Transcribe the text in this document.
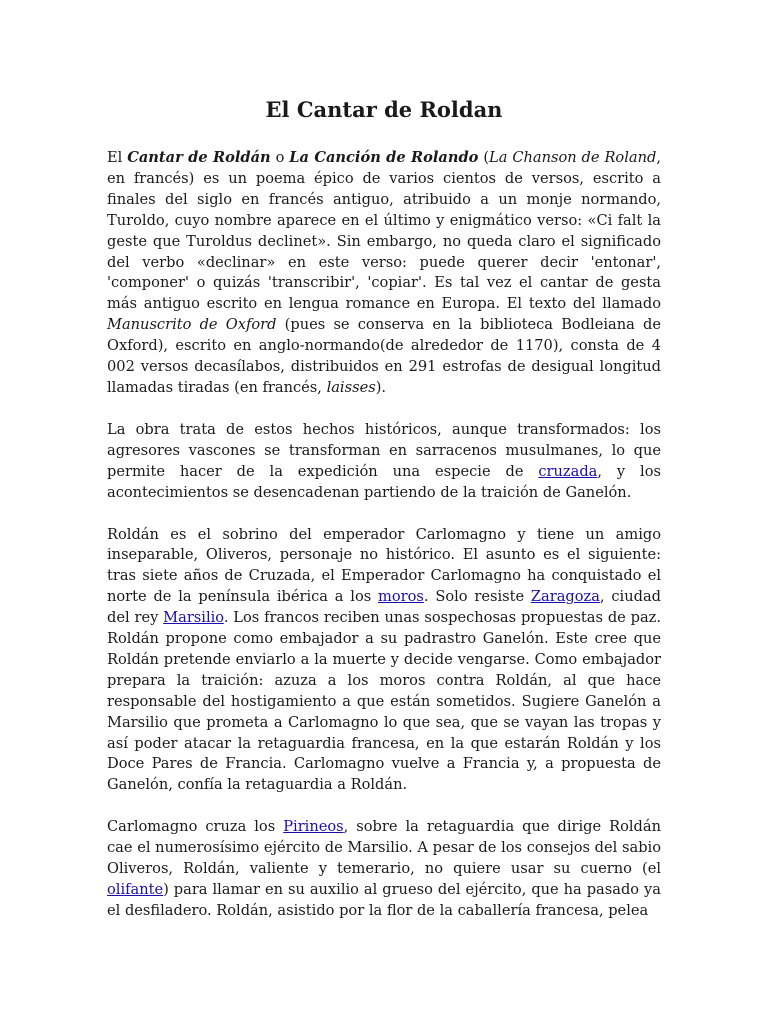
El Cantar de Roldan

El Cantar de Roldán o La Canción de Rolando (La Chanson de Roland, en francés) es un poema épico de varios cientos de versos, escrito a finales del siglo en francés antiguo, atribuido a un monje normando, Turoldo, cuyo nombre aparece en el último y enigmático verso: «Ci falt la geste que Turoldus declinet». Sin embargo, no queda claro el significado del verbo «declinar» en este verso: puede querer decir 'entonar', 'componer' o quizás 'transcribir', 'copiar'. Es tal vez el cantar de gesta más antiguo escrito en lengua romance en Europa. El texto del llamado Manuscrito de Oxford (pues se conserva en la biblioteca Bodleiana de Oxford), escrito en anglo-normando(de alrededor de 1170), consta de 4 002 versos decasílabos, distribuidos en 291 estrofas de desigual longitud llamadas tiradas (en francés, laisses).

La obra trata de estos hechos históricos, aunque transformados: los agresores vascones se transforman en sarracenos musulmanes, lo que permite hacer de la expedición una especie de cruzada, y los acontecimientos se desencadenan partiendo de la traición de Ganelón.

Roldán es el sobrino del emperador Carlomagno y tiene un amigo inseparable, Oliveros, personaje no histórico. El asunto es el siguiente: tras siete años de Cruzada, el Emperador Carlomagno ha conquistado el norte de la península ibérica a los moros. Solo resiste Zaragoza, ciudad del rey Marsilio. Los francos reciben unas sospechosas propuestas de paz. Roldán propone como embajador a su padrastro Ganelón. Este cree que Roldán pretende enviarlo a la muerte y decide vengarse. Como embajador prepara la traición: azuza a los moros contra Roldán, al que hace responsable del hostigamiento a que están sometidos. Sugiere Ganelón a Marsilio que prometa a Carlomagno lo que sea, que se vayan las tropas y así poder atacar la retaguardia francesa, en la que estarán Roldán y los Doce Pares de Francia. Carlomagno vuelve a Francia y, a propuesta de Ganelón, confía la retaguardia a Roldán.

Carlomagno cruza los Pirineos, sobre la retaguardia que dirige Roldán cae el numerosísimo ejército de Marsilio. A pesar de los consejos del sabio Oliveros, Roldán, valiente y temerario, no quiere usar su cuerno (el olifante) para llamar en su auxilio al grueso del ejército, que ha pasado ya el desfiladero. Roldán, asistido por la flor de la caballería francesa, pelea
